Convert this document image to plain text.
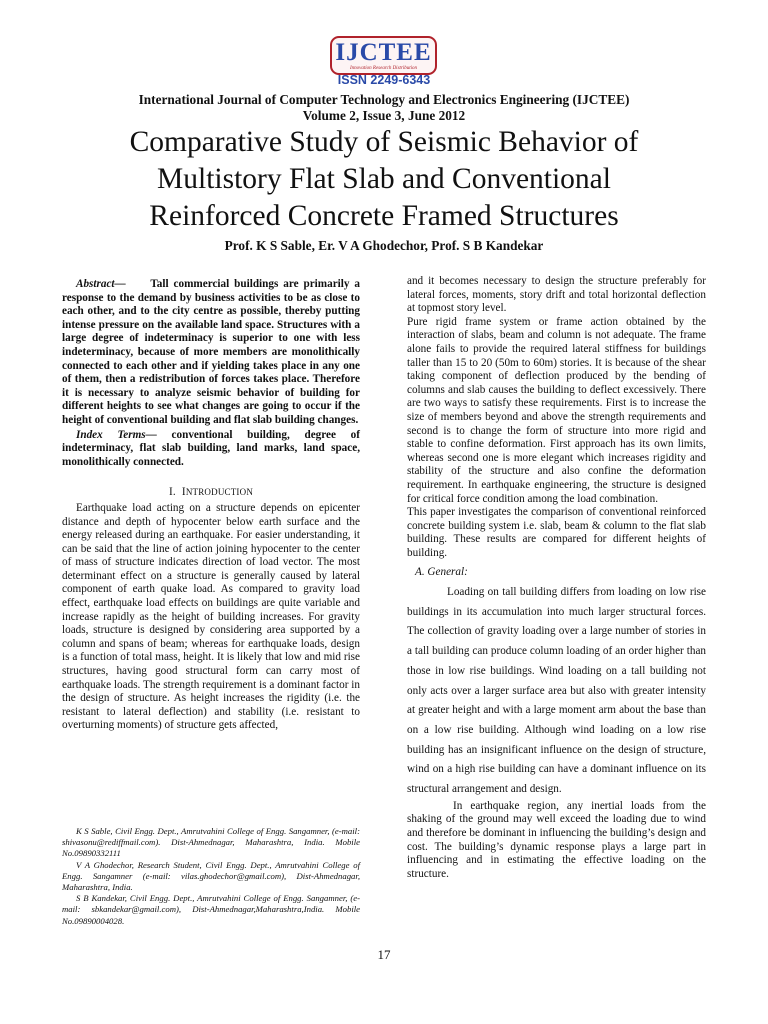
IJCTEE
Innovation Research Distribution
ISSN 2249-6343
International Journal of Computer Technology and Electronics Engineering (IJCTEE)
Volume 2, Issue 3, June 2012
Comparative Study of Seismic Behavior of
Multistory Flat Slab and Conventional
Reinforced Concrete Framed Structures
Prof. K S Sable, Er. V A Ghodechor, Prof. S B Kandekar

Abstract— Tall commercial buildings are primarily a response to the demand by business activities to be as close to each other, and to the city centre as possible, thereby putting intense pressure on the available land space. Structures with a large degree of indeterminacy is superior to one with less indeterminacy, because of more members are monolithically connected to each other and if yielding takes place in any one of them, then a redistribution of forces takes place. Therefore it is necessary to analyze seismic behavior of building for different heights to see what changes are going to occur if the height of conventional building and flat slab building changes.

Index Terms— conventional building, degree of indeterminacy, flat slab building, land marks, land space, monolithically connected.

I. INTRODUCTION

Earthquake load acting on a structure depends on epicenter distance and depth of hypocenter below earth surface and the energy released during an earthquake. For easier understanding, it can be said that the line of action joining hypocenter to the center of mass of structure indicates direction of load vector. The most determinant effect on a structure is generally caused by lateral component of earth quake load. As compared to gravity load effect, earthquake load effects on buildings are quite variable and increase rapidly as the height of building increases. For gravity loads, structure is designed by considering area supported by a column and spans of beam; whereas for earthquake loads, design is a function of total mass, height. It is likely that low and mid rise structures, having good structural form can carry most of earthquake loads. The strength requirement is a dominant factor in the design of structure. As height increases the rigidity (i.e. the resistant to lateral deflection) and stability (i.e. resistant to overturning moments) of structure gets affected,

K S Sable, Civil Engg. Dept., Amrutvahini College of Engg. Sangamner, (e-mail: shivasonu@rediffmail.com). Dist-Ahmednagar, Maharashtra, India. Mobile No.09890332111

V A Ghodechor, Research Student, Civil Engg. Dept., Amrutvahini College of Engg. Sangamner (e-mail: vilas.ghodechor@gmail.com), Dist-Ahmednagar, Maharashtra, India.

S B Kandekar, Civil Engg. Dept., Amrutvahini College of Engg. Sangamner, (e-mail: sbkandekar@gmail.com), Dist-Ahmednagar,Maharashtra,India. Mobile No.09890004028.

and it becomes necessary to design the structure preferably for lateral forces, moments, story drift and total horizontal deflection at topmost story level.

Pure rigid frame system or frame action obtained by the interaction of slabs, beam and column is not adequate. The frame alone fails to provide the required lateral stiffness for buildings taller than 15 to 20 (50m to 60m) stories. It is because of the shear taking component of deflection produced by the bending of columns and slab causes the building to deflect excessively. There are two ways to satisfy these requirements. First is to increase the size of members beyond and above the strength requirements and second is to change the form of structure into more rigid and stable to confine deformation. First approach has its own limits, whereas second one is more elegant which increases rigidity and stability of the structure and also confine the deformation requirement. In earthquake engineering, the structure is designed for critical force condition among the load combination.

This paper investigates the comparison of conventional reinforced concrete building system i.e. slab, beam & column to the flat slab building. These results are compared for different heights of building.

A. General:

Loading on tall building differs from loading on low rise buildings in its accumulation into much larger structural forces. The collection of gravity loading over a large number of stories in a tall building can produce column loading of an order higher than those in low rise buildings. Wind loading on a tall building not only acts over a larger surface area but also with greater intensity at greater height and with a large moment arm about the base than on a low rise building. Although wind loading on a low rise building has an insignificant influence on the design of structure, wind on a high rise building can have a dominant influence on its structural arrangement and design.

In earthquake region, any inertial loads from the shaking of the ground may well exceed the loading due to wind and therefore be dominant in influencing the building’s design and cost. The building’s dynamic response plays a large part in influencing and in estimating the effective loading on the structure.

17
